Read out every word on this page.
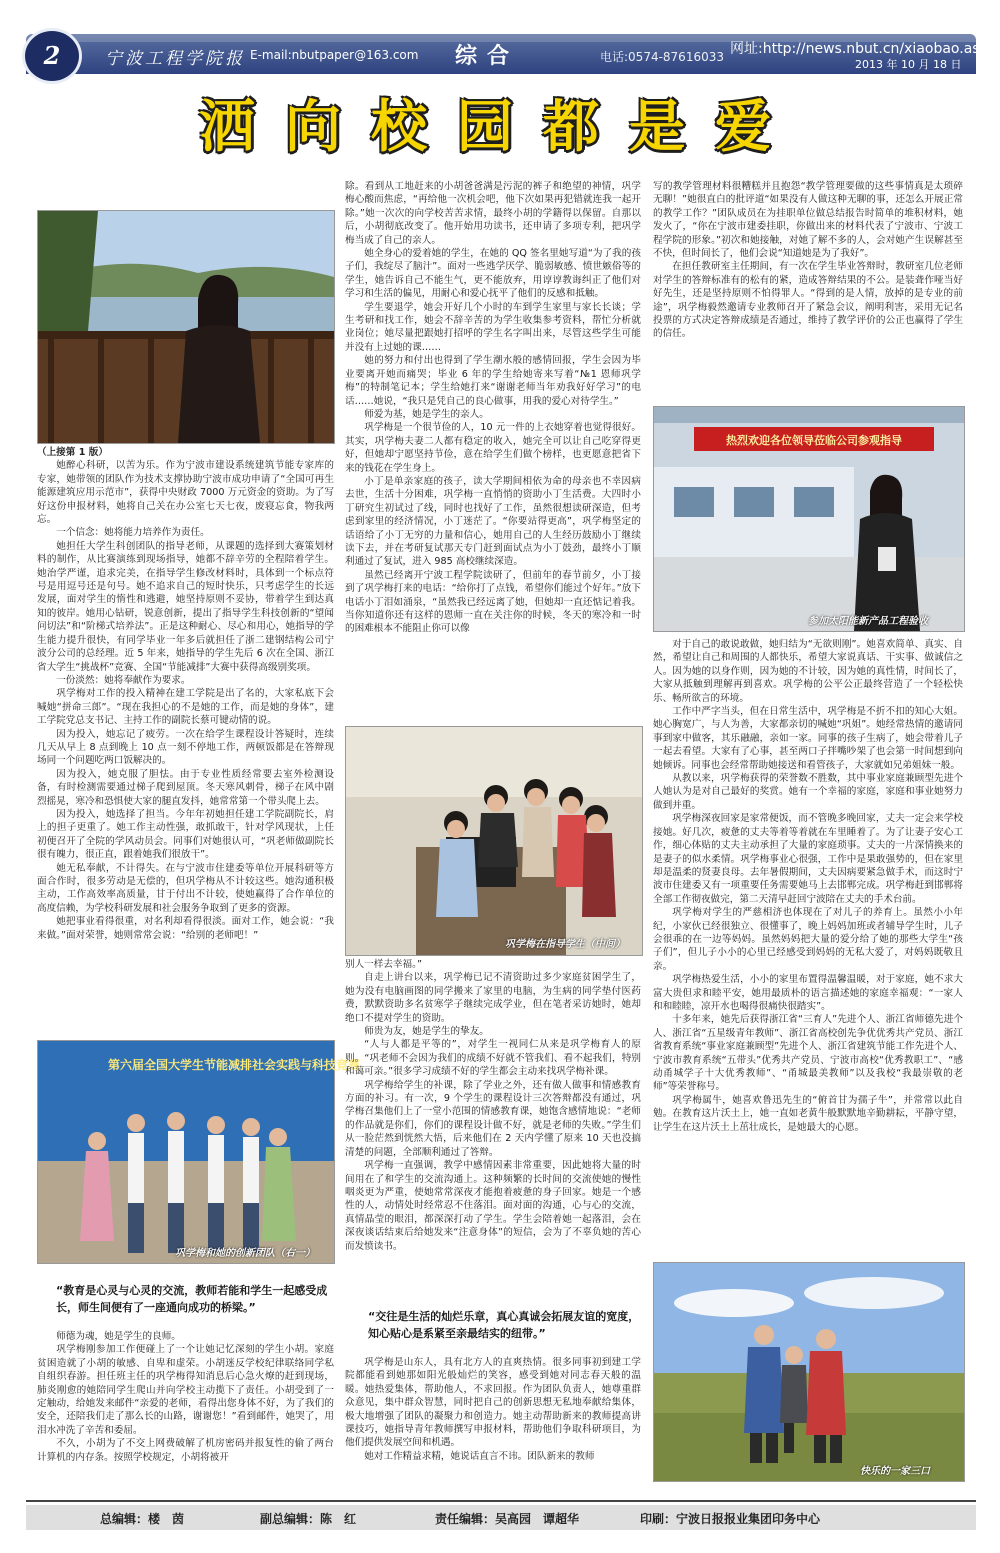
2	宁波工程学院报 E-mail:nbutpaper@163.com 综合	电话:0574-87616033 网址:http://news.nbut.cn/xiaobao.asp
2013 年 10 月 18 日
洒向校园都是爱

（上接第 1 版）

她醉心科研，以苦为乐。作为宁波市建设系统建筑节能专家库的专家，她带领的团队作为技术支撑协助宁波市成功申请了“全国可再生能源建筑应用示范市”，获得中央财政 7000 万元资金的资助。为了写好这份申报材料，她将自己关在办公室七天七夜，废寝忘食，物我两忘。

一个信念：她将能力培养作为责任。

她担任大学生科创团队的指导老师，从课题的选择到大赛策划材料的制作，从比赛演练到现场指导，她都不辞辛劳的全程陪着学生。她治学严谨，追求完美，在指导学生修改材料时，具体到一个标点符号是用逗号还是句号。她不追求自己的短时快乐，只考虑学生的长远发展，面对学生的惰性和逃避，她坚持原则不妥协，带着学生到达真知的彼岸。她用心钻研，锐意创新，提出了指导学生科技创新的“望闻问切法”和“阶梯式培养法”。正是这种耐心、尽心和用心，她指导的学生能力提升很快，有同学毕业一年多后就担任了浙二建钢结构公司宁波分公司的总经理。近 5 年来，她指导的学生先后 6 次在全国、浙江省大学生“挑战杯”竞赛、全国“节能减排”大赛中获得高级别奖项。

一份淡然：她将奉献作为要求。

巩学梅对工作的投入精神在建工学院是出了名的，大家私底下会喊她“拼命三郎”。“现在我担心的不是她的工作，而是她的身体”，建工学院党总支书记、主持工作的副院长蔡可键动情的说。

因为投入，她忘记了疲劳。一次在给学生课程设计答疑时，连续几天从早上 8 点到晚上 10 点一刻不停地工作，两顿饭都是在答辩现场同一个问题吃两口饭解决的。

因为投入，她克服了胆怯。由于专业性质经常要去室外检测设备，有时检测需要通过梯子爬到屋顶。冬天寒风刺骨，梯子在风中剧烈摇晃，寒冷和恐惧使大家的腿直发抖，她常常第一个带头爬上去。

因为投入，她选择了担当。今年年初她担任建工学院副院长，肩上的担子更重了。她工作主动性强，敢抓敢干，针对学风现状，上任初便召开了全院的学风动员会。同事们对她很认可，“巩老师做副院长很有魄力，很正直，跟着她我们很放干”。

她无私奉献，不计得失。在与宁波市住建委等单位开展科研等方面合作时，很多劳动是无偿的，但巩学梅从不计较这些。她沟通积极主动，工作高效率高质量，甘于付出不计较，使她赢得了合作单位的高度信赖，为学校科研发展和社会服务争取到了更多的资源。

她把事业看得很重，对名利却看得很淡。面对工作，她会说：“我来做。”面对荣誉，她则常常会说：“给别的老师吧！”

第六届全国大学生节能减排社会实践与科技竞赛
巩学梅和她的创新团队（右一）
“教育是心灵与心灵的交流，教师若能和学生一起感受成长，师生间便有了一座通向成功的桥梁。”

师德为魂，她是学生的良师。

巩学梅刚参加工作便碰上了一个让她记忆深刻的学生小胡。家庭贫困造就了小胡的敏感、自卑和虚荣。小胡迷反学校纪律联络同学私自组织春游。担任班主任的巩学梅得知消息后心急火燎的赶到现场，肺炎刚愈的她陪同学生爬山并向学校主动揽下了责任。小胡受到了一定触动，给她发来邮件“亲爱的老师，看得出您身体不好，为了我们的安全，还陪我们走了那么长的山路，谢谢您！”看到邮件，她哭了，用泪水冲洗了辛苦和委屈。

不久，小胡为了不交上网费破解了机房密码并报复性的偷了两台计算机的内存条。按照学校规定，小胡将被开

除。看到从工地赶来的小胡爸爸满是污泥的裤子和绝望的神情，巩学梅心酸而焦虑，“再给他一次机会吧，他下次如果再犯错就连我一起开除。”她一次次的向学校苦苦求情，最终小胡的学籍得以保留。自那以后，小胡彻底改变了。他开始用功读书，还申请了多项专利，把巩学梅当成了自己的亲人。

她全身心的爱着她的学生，在她的 QQ 签名里她写道“为了我的孩子们，我绽尽了脑汁”。面对一些逃学厌学、脆弱敏感、愤世嫉俗等的学生，她告诉自己不能生气，更不能放弃，用谆谆教诲纠正了他们对学习和生活的偏见，用耐心和爱心抚平了他们的反感和抵触。

学生要退学，她会开好几个小时的车到学生家里与家长长谈；学生考研和找工作，她会不辞辛苦的为学生收集参考资料，帮忙分析就业岗位；她尽量把跟她打招呼的学生名字叫出来，尽管这些学生可能并没有上过她的课……

她的努力和付出也得到了学生潮水般的感情回报，学生会因为毕业要离开她而痛哭；毕业 6 年的学生给她寄来写着“№1 恩师巩学梅”的特制笔记本；学生给她打来“谢谢老师当年劝我好好学习”的电话……她说，“我只是凭自己的良心做事，用我的爱心对待学生。”

师爱为基，她是学生的亲人。

巩学梅是一个很节俭的人，10 元一件的上衣她穿着也觉得很好。其实，巩学梅夫妻二人都有稳定的收入，她完全可以让自己吃穿得更好，但她却宁愿坚持节俭，意在给学生们做个榜样，也更愿意把省下来的钱花在学生身上。

小丁是单亲家庭的孩子，读大学期间相依为命的母亲也不幸因病去世，生活十分困难，巩学梅一直悄悄的资助小丁生活费。大四时小丁研究生初试过了线，同时也找好了工作，虽然很想读研深造，但考虑到家里的经济情况，小丁迷茫了。“你要站得更高”，巩学梅坚定的话语给了小丁无穷的力量和信心，她用自己的人生经历鼓励小丁继续读下去，并在考研复试那天专门赶到面试点为小丁鼓劲，最终小丁顺利通过了复试，进入 985 高校继续深造。

虽然已经离开宁波工程学院读研了，但前年的春节前夕，小丁接到了巩学梅打来的电话：“给你打了点钱，希望你们能过个好年。”放下电话小丁泪如涌泉，“虽然我已经远离了她，但她却一直还惦记着我。当你知道你还有这样的恩师一直在关注你的时候，冬天的寒冷和一时的困难根本不能阻止你可以像

巩学梅在指导学生（中间）

别人一样去幸福。”

自走上讲台以来，巩学梅已记不清资助过多少家庭贫困学生了，她为没有电脑画图的同学搬来了家里的电脑，为生病的同学垫付医药费，默默资助多名贫寒学子继续完成学业，但在笔者采访她时，她却绝口不提对学生的资助。

师贵为友，她是学生的挚友。

“人与人都是平等的”，对学生一视同仁从来是巩学梅育人的原则。“巩老师不会因为我们的成绩不好就不管我们、看不起我们，特别和蔼可亲。”很多学习成绩不好的学生都会主动来找巩学梅补课。

巩学梅给学生的补课，除了学业之外，还有做人做事和情感教育方面的补习。有一次，9 个学生的课程设计三次答辩都没有通过，巩学梅召集他们上了一堂小范围的情感教育课，她饱含感情地说：“老师的作品就是你们，你们的课程设计做不好，就是老师的失败。”学生们从一脸茫然到恍然大悟，后来他们在 2 天内学懂了原来 10 天也没搞清楚的问题，全部顺利通过了答辩。

巩学梅一直强调，教学中感情因素非常重要，因此她将大量的时间用在了和学生的交流沟通上。这种频繁的长时间的交流使她的慢性咽炎更为严重，使她常常深夜才能抱着疲惫的身子回家。她是一个感性的人，动情处时经常忍不住落泪。面对面的沟通，心与心的交流，真情晶莹的眼泪，都深深打动了学生。学生会陪着她一起落泪，会在深夜谈话结束后给她发来“注意身体”的短信，会为了不辜负她的苦心而发愤读书。

“交往是生活的灿烂乐章，真心真诚会拓展友谊的宽度，知心贴心是系紧至亲最结实的纽带。”

巩学梅是山东人，具有北方人的直爽热情。很多同事初到建工学院都能看到她那如阳光般灿烂的笑容，感受到她对同志春天般的温暖。她热爱集体，帮助他人，不求回报。作为团队负责人，她尊重群众意见，集中群众智慧，同时把自己的创新思想无私地奉献给集体，极大地增强了团队的凝聚力和创造力。她主动帮助新来的教师提高讲课技巧，她指导青年教师撰写申报材料，帮助他们争取科研项目，为他们提供发展空间和机遇。

她对工作精益求精，她说话直言不讳。团队新来的教师

写的教学管理材料很糟糕并且抱怨“教学管理要做的这些事情真是太琐碎无聊！”她很直白的批评道“如果没有人做这种无聊的事，还怎么开展正常的教学工作？”团队成员在为挂职单位做总结报告时简单的堆积材料，她发火了，“你在宁波市建委挂职，你做出来的材料代表了宁波市、宁波工程学院的形象。”初次和她接触，对她了解不多的人，会对她产生误解甚至不快，但时间长了，他们会说“知道她是为了我好”。

在担任教研室主任期间，有一次在学生毕业答辩时，教研室几位老师对学生的答辩标准有的松有的紧，造成答辩结果的不公。是装聋作哑当好好先生，还是坚持原则不怕得罪人。“得到的是人情，放掉的是专业的前途”，巩学梅毅然邀请专业教师召开了紧急会议，阐明利害，采用无记名投票的方式决定答辩成绩是否通过，维持了教学评价的公正也赢得了学生的信任。

热烈欢迎各位领导莅临公司参观指导
参加太阳能新产品工程验收

对于自己的敢说敢做，她归结为“无欲则刚”。她喜欢简单、真实、自然，希望让自己和周围的人都快乐，希望大家说真话、干实事、做诚信之人。因为她的以身作则，因为她的不计较，因为她的真性情，时间长了，大家从抵触到理解再到喜欢。巩学梅的公平公正最终营造了一个轻松快乐、畅所欲言的环境。

工作中严字当头，但在日常生活中，巩学梅是不折不扣的知心大姐。她心胸宽广，与人为善，大家都亲切的喊她“巩姐”。她经常热情的邀请同事到家中做客，其乐融融，亲如一家。同事的孩子生病了，她会带着儿子一起去看望。大家有了心事，甚至两口子拌嘴吵架了也会第一时间想到向她倾诉。同事也会经常帮助她接送和看管孩子，大家就如兄弟姐妹一般。

从教以来，巩学梅获得的荣誉数不胜数，其中事业家庭兼顾型先进个人她认为是对自己最好的奖赏。她有一个幸福的家庭，家庭和事业她努力做到并重。

巩学梅深夜回家是家常便饭，而不管晚多晚回家，丈夫一定会来学校接她。好几次，疲惫的丈夫等着等着就在车里睡着了。为了让妻子安心工作，细心体贴的丈夫主动承担了大量的家庭琐事。丈夫的一片深情换来的是妻子的似水柔情。巩学梅事业心很强，工作中是果敢强势的，但在家里却是温柔的贤妻良母。去年暑假期间，丈夫因病要紧急做手术，而这时宁波市住建委又有一项重要任务需要她马上去邯郸完成。巩学梅赶到邯郸将全部工作彻夜做完，第二天清早赶回宁波陪在丈夫的手术台前。

巩学梅对学生的严慈相济也体现在了对儿子的养育上。虽然小小年纪，小家伙已经很独立、很懂事了，晚上妈妈加班或者辅导学生时，儿子会很乖的在一边等妈妈。虽然妈妈把大量的爱分给了她的那些大学生“孩子们”，但儿子小小的心里已经感受到妈妈的无私大爱了，对妈妈既敬且亲。

巩学梅热爱生活，小小的家里布置得温馨温暖，对于家庭，她不求大富大贵但求和睦平安，她用最质朴的语言描述她的家庭幸福观：“一家人和和睦睦，凉开水也喝得很痛快很踏实”。

十多年来，她先后获得浙江省“三育人”先进个人、浙江省师德先进个人、浙江省“五星级青年教师”、浙江省高校创先争优优秀共产党员、浙江省教育系统“事业家庭兼顾型”先进个人、浙江省建筑节能工作先进个人、宁波市教育系统“五带头”优秀共产党员、宁波市高校“优秀教职工”、“感动甬城学子十大优秀教师”、“甬城最美教师”以及我校“我最崇敬的老师”等荣誉称号。

巩学梅属牛，她喜欢鲁迅先生的“俯首甘为孺子牛”，并常常以此自勉。在教育这片沃土上，她一直如老黄牛般默默地辛勤耕耘，平静守望，让学生在这片沃土上茁壮成长，是她最大的心愿。

快乐的一家三口
总编辑：楼　茵	副总编辑：陈　红	责任编辑：吴高园　谭超华	印刷：宁波日报报业集团印务中心
